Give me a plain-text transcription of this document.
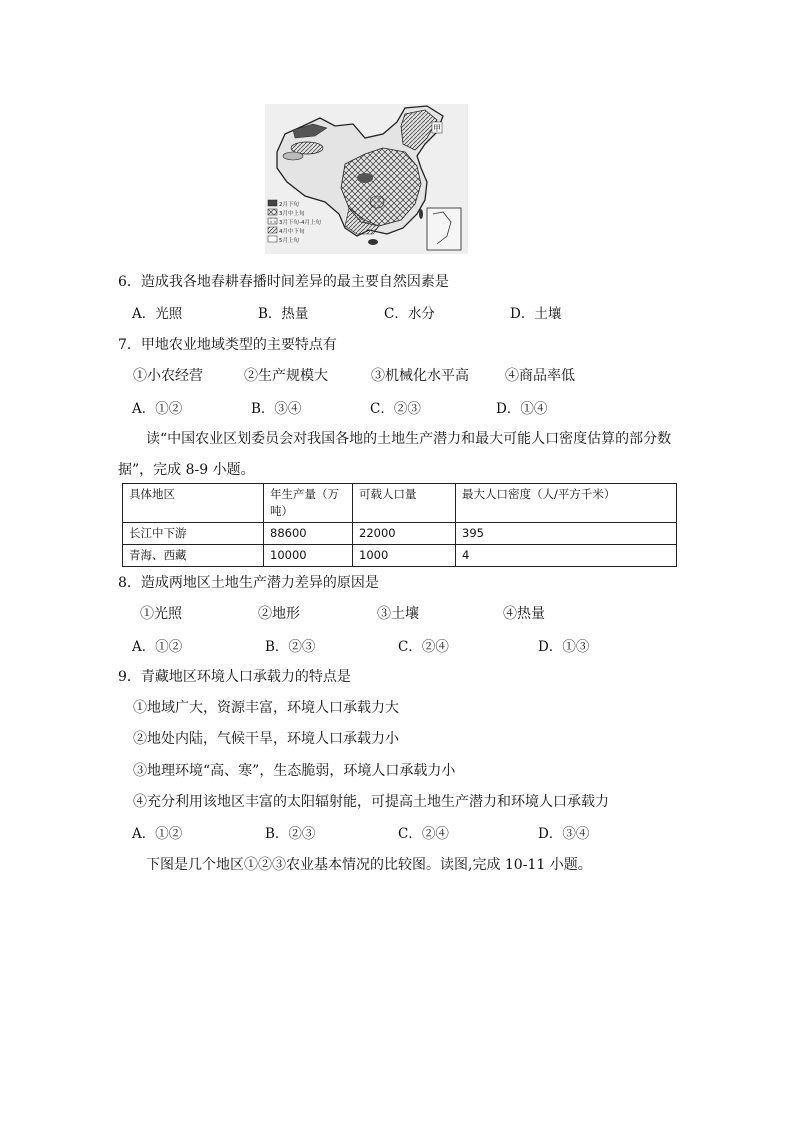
甲
2月下旬
3月中上旬
3月下旬-4月上旬
4月中下旬
5月上旬
6．造成我各地春耕春播时间差异的最主要自然因素是
A．光照	B．热量	C．水分	D．土壤
7．甲地农业地域类型的主要特点有
①小农经营	②生产规模大	③机械化水平高	④商品率低
A．①②	B．③④	C．②③	D．①④
读“中国农业区划委员会对我国各地的土地生产潜力和最大可能人口密度估算的部分数
据”，完成 8-9 小题。
具体地区	年生产量（万
吨）	可载人口量	最大人口密度（人/平方千米）
长江中下游	88600	22000	395
青海、西藏	10000	1000	4
8．造成两地区土地生产潜力差异的原因是
①光照	②地形	③土壤	④热量
A．①②	B．②③	C．②④	D．①③
9．青藏地区环境人口承载力的特点是
①地域广大，资源丰富，环境人口承载力大
②地处内陆，气候干旱，环境人口承载力小
③地理环境“高、寒”，生态脆弱，环境人口承载力小
④充分利用该地区丰富的太阳辐射能，可提高土地生产潜力和环境人口承载力
A．①②	B．②③	C．②④	D．③④
下图是几个地区①②③农业基本情况的比较图。读图,完成 10-11 小题。
